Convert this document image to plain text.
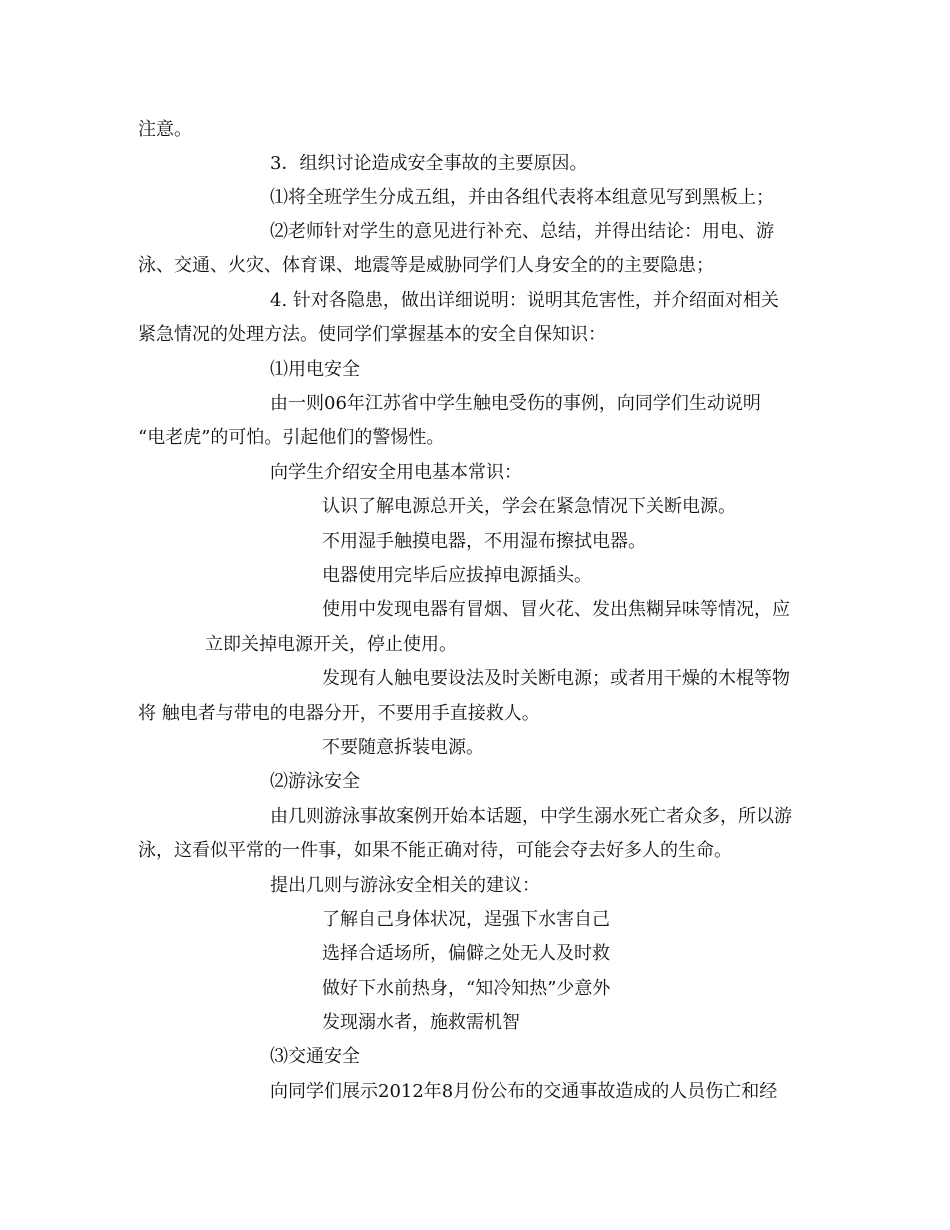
注意。
3．组织讨论造成安全事故的主要原因。
⑴将全班学生分成五组，并由各组代表将本组意见写到黑板上；
⑵老师针对学生的意见进行补充、总结，并得出结论：用电、游
泳、交通、火灾、体育课、地震等是威胁同学们人身安全的的主要隐患；
4. 针对各隐患，做出详细说明：说明其危害性，并介绍面对相关
紧急情况的处理方法。使同学们掌握基本的安全自保知识：
⑴用电安全
由一则06年江苏省中学生触电受伤的事例，向同学们生动说明
“电老虎”的可怕。引起他们的警惕性。
向学生介绍安全用电基本常识：
认识了解电源总开关，学会在紧急情况下关断电源。
不用湿手触摸电器，不用湿布擦拭电器。
电器使用完毕后应拔掉电源插头。
使用中发现电器有冒烟、冒火花、发出焦糊异味等情况，应
立即关掉电源开关，停止使用。
发现有人触电要设法及时关断电源；或者用干燥的木棍等物
将 触电者与带电的电器分开，不要用手直接救人。
不要随意拆装电源。
⑵游泳安全
由几则游泳事故案例开始本话题，中学生溺水死亡者众多，所以游
泳，这看似平常的一件事，如果不能正确对待，可能会夺去好多人的生命。
提出几则与游泳安全相关的建议：
了解自己身体状况，逞强下水害自己
选择合适场所，偏僻之处无人及时救
做好下水前热身，“知冷知热”少意外
发现溺水者，施救需机智
⑶交通安全
向同学们展示2012年8月份公布的交通事故造成的人员伤亡和经
